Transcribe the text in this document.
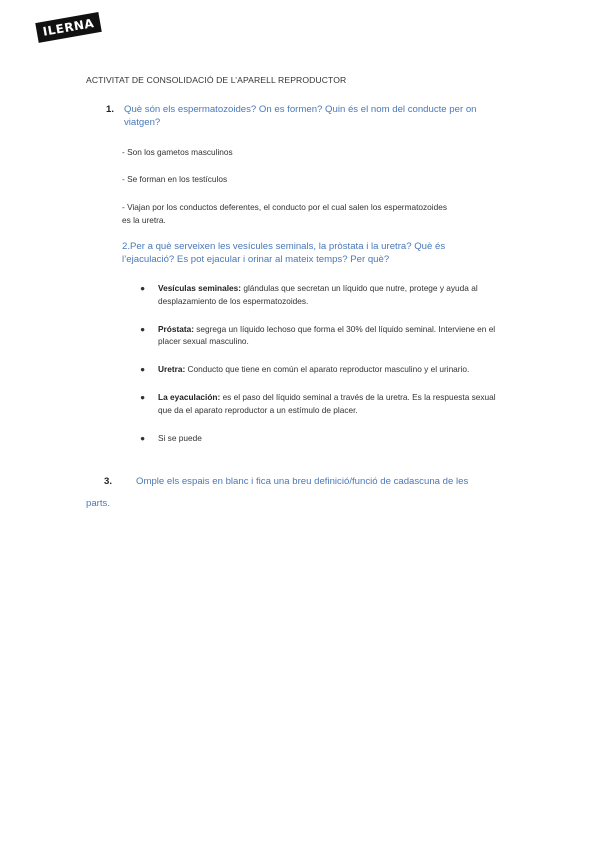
ILERNA
ACTIVITAT DE CONSOLIDACIÓ DE L’APARELL REPRODUCTOR
1. Què són els espermatozoides? On es formen? Quin és el nom del conducte per on viatgen?
- Son los gametos masculinos
- Se forman en los testículos
- Viajan por los conductos deferentes, el conducto por el cual salen los espermatozoides es la uretra.
2.Per a què serveixen les vesícules seminals, la pròstata i la uretra? Què és l’ejaculació? Es pot ejacular i orinar al mateix temps? Per què?
● Vesículas seminales: glándulas que secretan un líquido que nutre, protege y ayuda al desplazamiento de los espermatozoides.
● Próstata: segrega un líquido lechoso que forma el 30% del líquido seminal. Interviene en el placer sexual masculino.
● Uretra: Conducto que tiene en común el aparato reproductor masculino y el urinario.
● La eyaculación: es el paso del líquido seminal a través de la uretra. Es la respuesta sexual que da el aparato reproductor a un estímulo de placer.
● Si se puede
3. Omple els espais en blanc i fica una breu definició/funció de cadascuna de les
parts.
